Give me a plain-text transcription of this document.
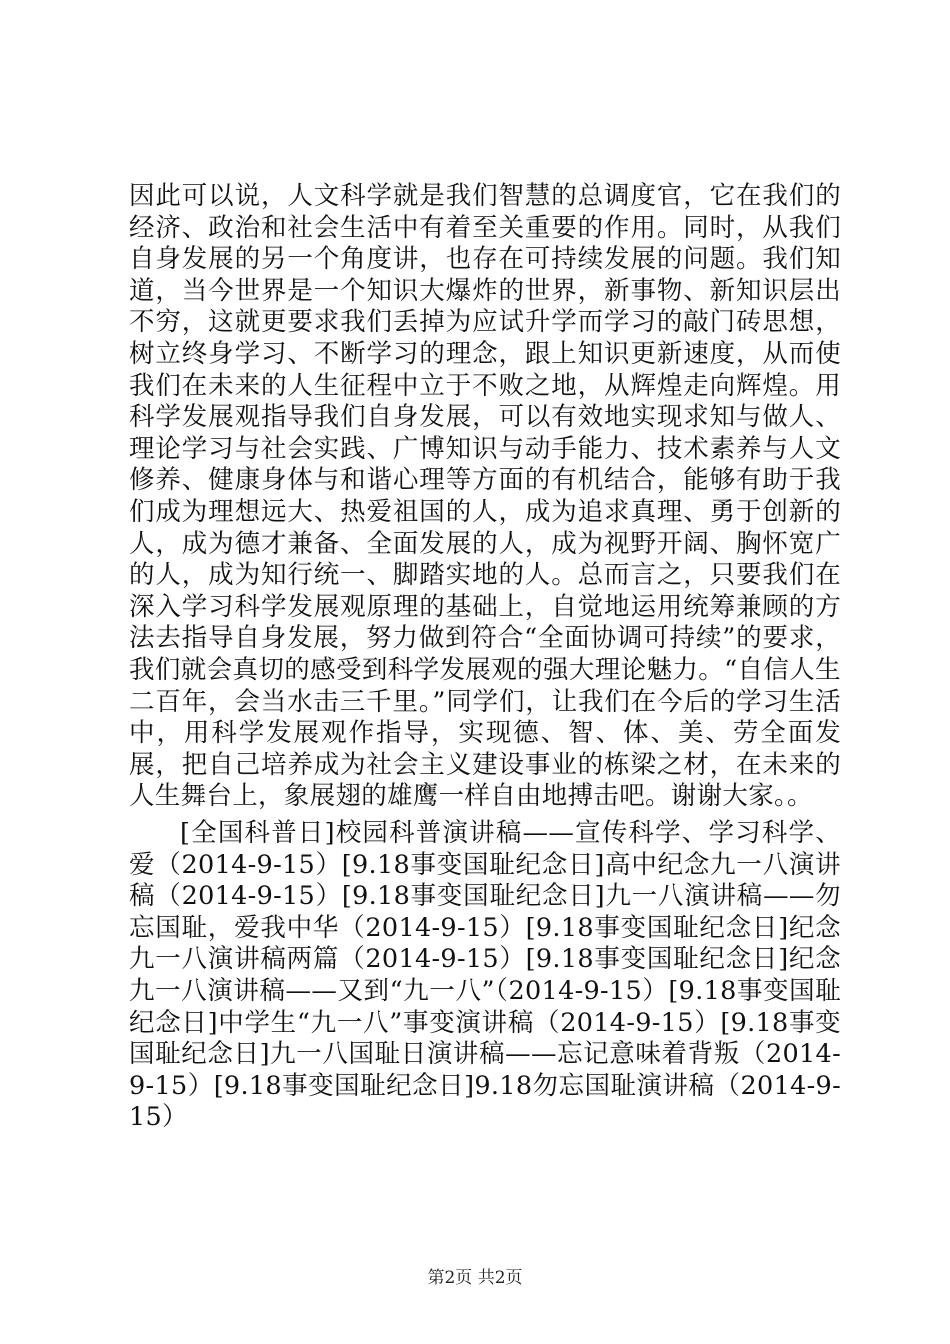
因此可以说，人文科学就是我们智慧的总调度官，它在我们的经济、政治和社会生活中有着至关重要的作用。同时，从我们自身发展的另一个角度讲，也存在可持续发展的问题。我们知道，当今世界是一个知识大爆炸的世界，新事物、新知识层出不穷，这就更要求我们丢掉为应试升学而学习的敲门砖思想，树立终身学习、不断学习的理念，跟上知识更新速度，从而使我们在未来的人生征程中立于不败之地，从辉煌走向辉煌。用科学发展观指导我们自身发展，可以有效地实现求知与做人、理论学习与社会实践、广博知识与动手能力、技术素养与人文修养、健康身体与和谐心理等方面的有机结合，能够有助于我们成为理想远大、热爱祖国的人，成为追求真理、勇于创新的人，成为德才兼备、全面发展的人，成为视野开阔、胸怀宽广的人，成为知行统一、脚踏实地的人。总而言之，只要我们在深入学习科学发展观原理的基础上，自觉地运用统筹兼顾的方法去指导自身发展，努力做到符合“全面协调可持续”的要求，我们就会真切的感受到科学发展观的强大理论魅力。“自信人生二百年，会当水击三千里。”同学们，让我们在今后的学习生活中，用科学发展观作指导，实现德、智、体、美、劳全面发展，把自己培养成为社会主义建设事业的栋梁之材，在未来的人生舞台上，象展翅的雄鹰一样自由地搏击吧。谢谢大家。。

[全国科普日]校园科普演讲稿——宣传科学、学习科学、爱（2014-9-15）[9.18事变国耻纪念日]高中纪念九一八演讲稿（2014-9-15）[9.18事变国耻纪念日]九一八演讲稿——勿忘国耻，爱我中华（2014-9-15）[9.18事变国耻纪念日]纪念九一八演讲稿两篇（2014-9-15）[9.18事变国耻纪念日]纪念九一八演讲稿——又到“九一八”（2014-9-15）[9.18事变国耻纪念日]中学生“九一八”事变演讲稿（2014-9-15）[9.18事变国耻纪念日]九一八国耻日演讲稿——忘记意味着背叛（2014-9-15）[9.18事变国耻纪念日]9.18勿忘国耻演讲稿（2014-9-15）

第2页 共2页
